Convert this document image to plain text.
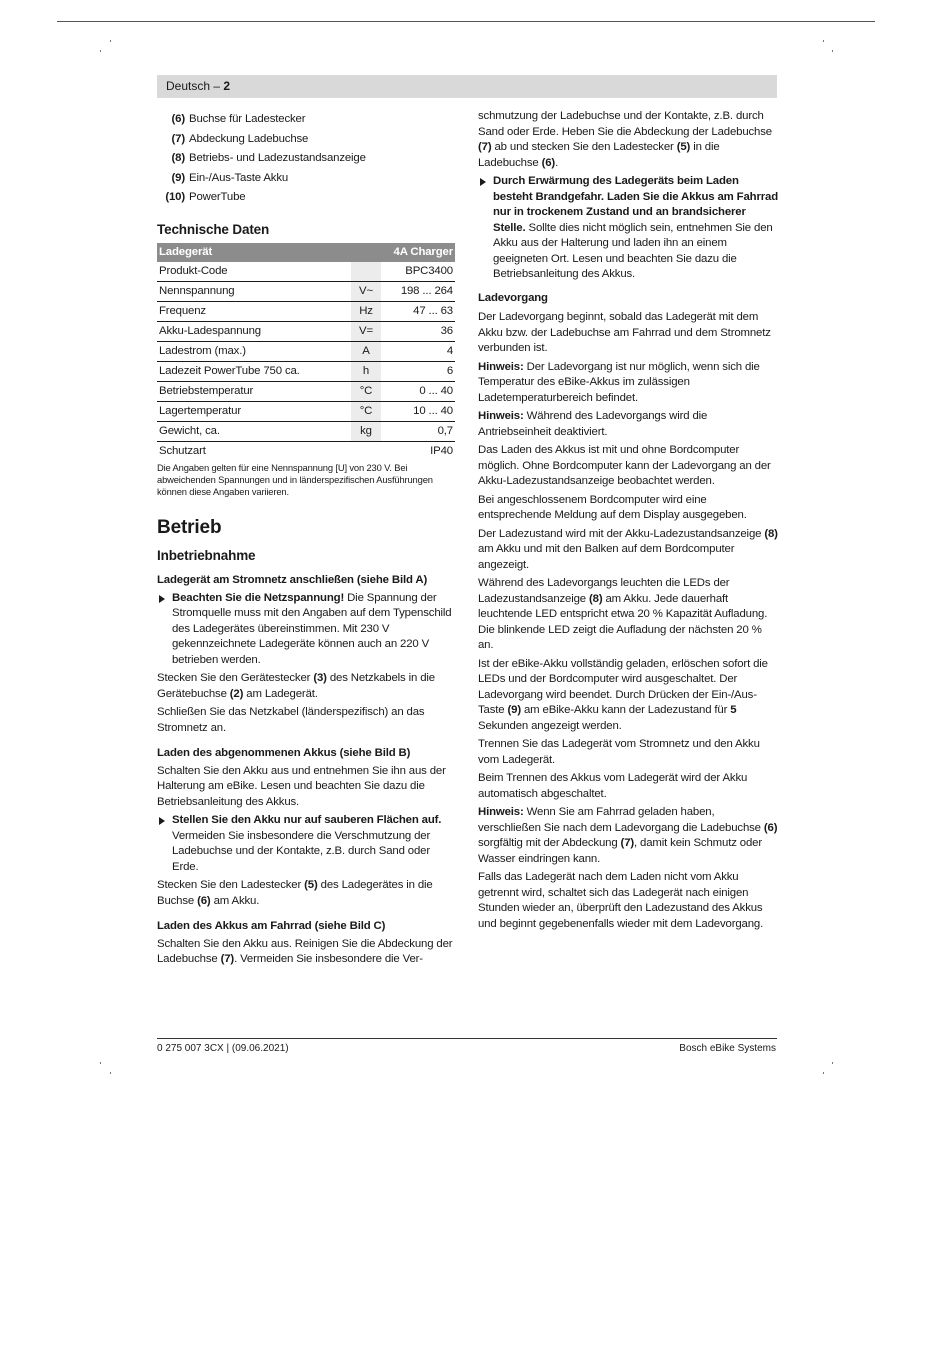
Deutsch – 2
(6) Buchse für Ladestecker
(7) Abdeckung Ladebuchse
(8) Betriebs- und Ladezustandsanzeige
(9) Ein-/Aus-Taste Akku
(10) PowerTube
Technische Daten
Ladegerät		4A Charger
Produkt-Code		BPC3400
Nennspannung	V~	198 ... 264
Frequenz	Hz	47 ... 63
Akku-Ladespannung	V=	36
Ladestrom (max.)	A	4
Ladezeit PowerTube 750 ca.	h	6
Betriebstemperatur	°C	0 ... 40
Lagertemperatur	°C	10 ... 40
Gewicht, ca.	kg	0,7
Schutzart		IP40
Die Angaben gelten für eine Nennspannung [U] von 230 V. Bei abweichenden Spannungen und in länderspezifischen Ausführungen können diese Angaben variieren.
Betrieb
Inbetriebnahme
Ladegerät am Stromnetz anschließen (siehe Bild A)
Beachten Sie die Netzspannung! Die Spannung der Stromquelle muss mit den Angaben auf dem Typenschild des Ladegerätes übereinstimmen. Mit 230 V gekennzeichnete Ladegeräte können auch an 220 V betrieben werden.

Stecken Sie den Gerätestecker (3) des Netzkabels in die Gerätebuchse (2) am Ladegerät.

Schließen Sie das Netzkabel (länderspezifisch) an das Stromnetz an.

Laden des abgenommenen Akkus (siehe Bild B)

Schalten Sie den Akku aus und entnehmen Sie ihn aus der Halterung am eBike. Lesen und beachten Sie dazu die Betriebsanleitung des Akkus.

Stellen Sie den Akku nur auf sauberen Flächen auf. Vermeiden Sie insbesondere die Verschmutzung der Ladebuchse und der Kontakte, z.B. durch Sand oder Erde.

Stecken Sie den Ladestecker (5) des Ladegerätes in die Buchse (6) am Akku.

Laden des Akkus am Fahrrad (siehe Bild C)

Schalten Sie den Akku aus. Reinigen Sie die Abdeckung der Ladebuchse (7). Vermeiden Sie insbesondere die Ver-

schmutzung der Ladebuchse und der Kontakte, z.B. durch Sand oder Erde. Heben Sie die Abdeckung der Ladebuchse (7) ab und stecken Sie den Ladestecker (5) in die Ladebuchse (6).

Durch Erwärmung des Ladegeräts beim Laden besteht Brandgefahr. Laden Sie die Akkus am Fahrrad nur in trockenem Zustand und an brandsicherer Stelle. Sollte dies nicht möglich sein, entnehmen Sie den Akku aus der Halterung und laden ihn an einem geeigneten Ort. Lesen und beachten Sie dazu die Betriebsanleitung des Akkus.
Ladevorgang

Der Ladevorgang beginnt, sobald das Ladegerät mit dem Akku bzw. der Ladebuchse am Fahrrad und dem Stromnetz verbunden ist.

Hinweis: Der Ladevorgang ist nur möglich, wenn sich die Temperatur des eBike-Akkus im zulässigen Ladetemperaturbereich befindet.

Hinweis: Während des Ladevorgangs wird die Antriebseinheit deaktiviert.

Das Laden des Akkus ist mit und ohne Bordcomputer möglich. Ohne Bordcomputer kann der Ladevorgang an der Akku-Ladezustandsanzeige beobachtet werden.

Bei angeschlossenem Bordcomputer wird eine entsprechende Meldung auf dem Display ausgegeben.

Der Ladezustand wird mit der Akku-Ladezustandsanzeige (8) am Akku und mit den Balken auf dem Bordcomputer angezeigt.

Während des Ladevorgangs leuchten die LEDs der Ladezustandsanzeige (8) am Akku. Jede dauerhaft leuchtende LED entspricht etwa 20 % Kapazität Aufladung. Die blinkende LED zeigt die Aufladung der nächsten 20 % an.

Ist der eBike-Akku vollständig geladen, erlöschen sofort die LEDs und der Bordcomputer wird ausgeschaltet. Der Ladevorgang wird beendet. Durch Drücken der Ein-/Aus-Taste (9) am eBike-Akku kann der Ladezustand für 5 Sekunden angezeigt werden.

Trennen Sie das Ladegerät vom Stromnetz und den Akku vom Ladegerät.

Beim Trennen des Akkus vom Ladegerät wird der Akku automatisch abgeschaltet.

Hinweis: Wenn Sie am Fahrrad geladen haben, verschließen Sie nach dem Ladevorgang die Ladebuchse (6) sorgfältig mit der Abdeckung (7), damit kein Schmutz oder Wasser eindringen kann.

Falls das Ladegerät nach dem Laden nicht vom Akku getrennt wird, schaltet sich das Ladegerät nach einigen Stunden wieder an, überprüft den Ladezustand des Akkus und beginnt gegebenenfalls wieder mit dem Ladevorgang.

0 275 007 3CX | (09.06.2021)	Bosch eBike Systems
